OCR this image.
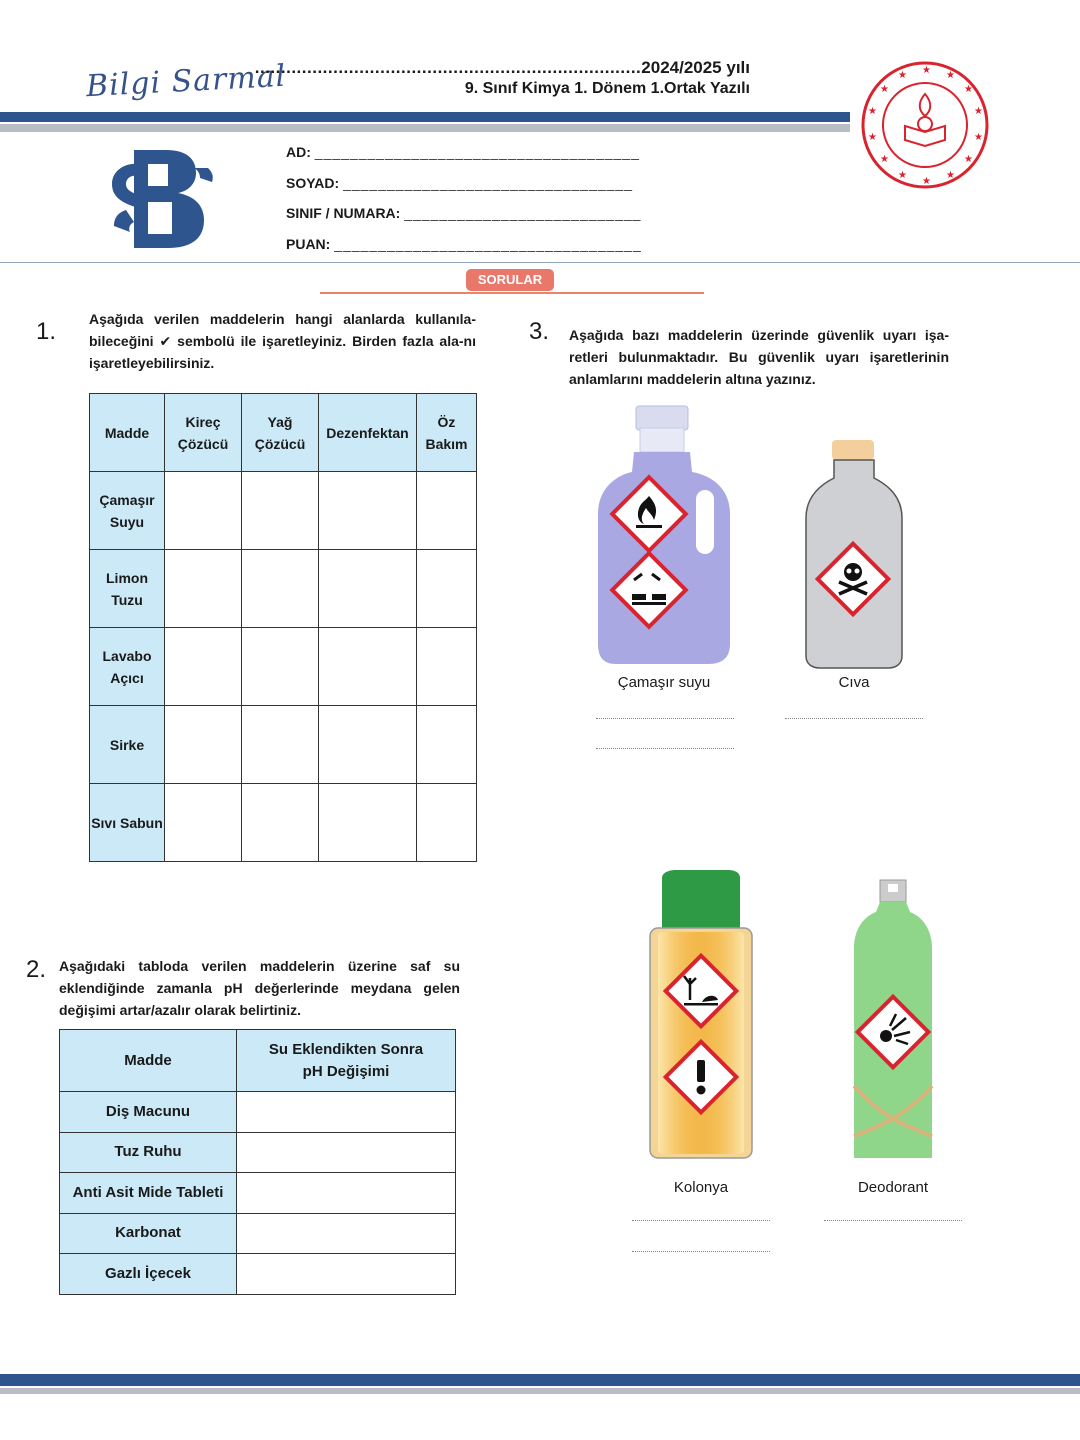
Bilgi Sarmal
..........................................................................2024/2025 yılı
9. Sınıf Kimya 1. Dönem 1.Ortak Yazılı
★ ★
★
★
★
★
★
★
★
★
★
★
★
★
AD: _____________________________________
SOYAD: _________________________________
SINIF / NUMARA: ___________________________
PUAN: ___________________________________
SORULAR
1. Aşağıda verilen maddelerin hangi alanlarda kullanıla-bileceğini ✔ sembolü ile işaretleyiniz. Birden fazla ala-nı işaretleyebilirsiniz.
Madde	Kireç Çözücü	Yağ Çözücü	Dezenfektan	Öz Bakım
Çamaşır Suyu				
Limon Tuzu				
Lavabo Açıcı				
Sirke				
Sıvı Sabun				
2. Aşağıdaki tabloda verilen maddelerin üzerine saf su eklendiğinde zamanla pH değerlerinde meydana gelen değişimi artar/azalır olarak belirtiniz.
Madde	Su Eklendikten Sonra pH Değişimi
Diş Macunu	
Tuz Ruhu	
Anti Asit Mide Tableti	
Karbonat	
Gazlı İçecek	
3. Aşağıda bazı maddelerin üzerinde güvenlik uyarı işa-retleri bulunmaktadır. Bu güvenlik uyarı işaretlerinin anlamlarını maddelerin altına yazınız.
Çamaşır suyu	Cıva
Kolonya	Deodorant
